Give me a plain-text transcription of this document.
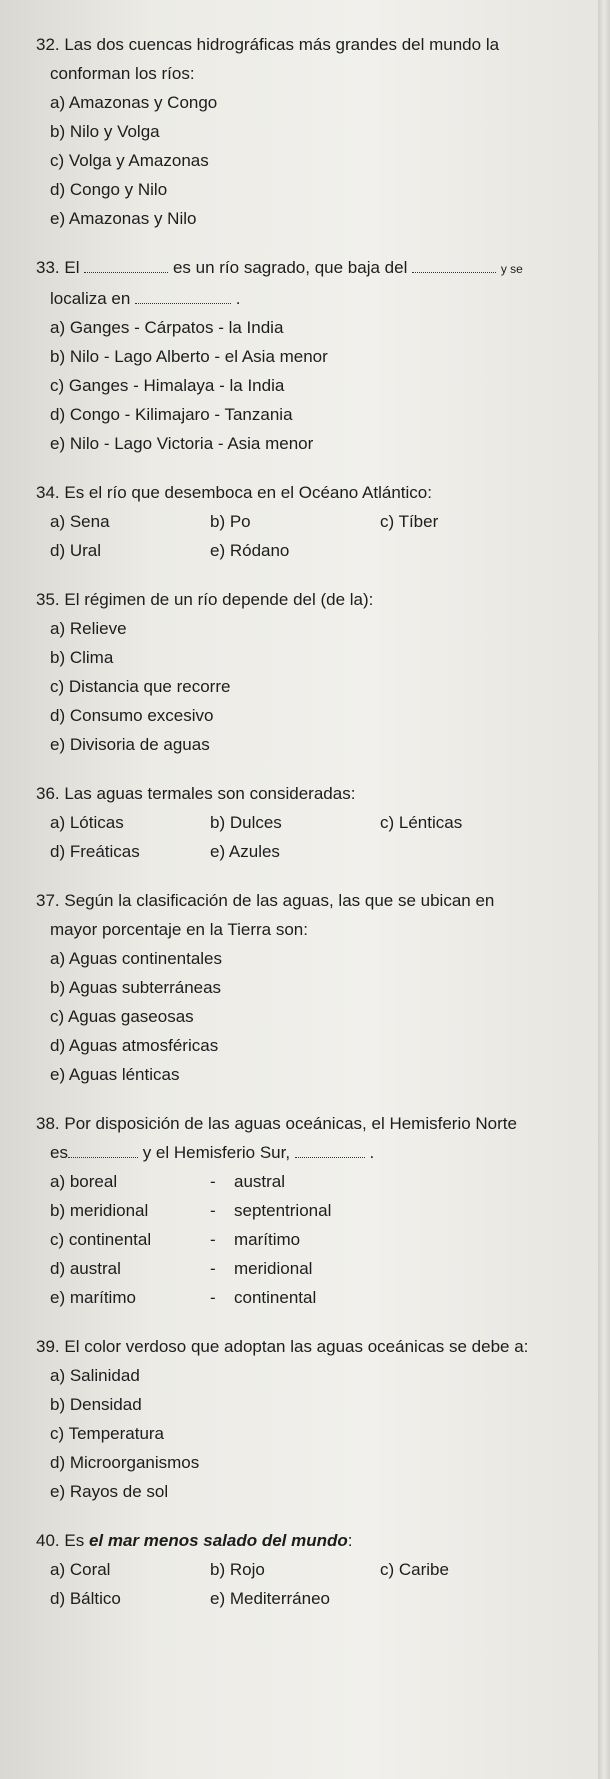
32. Las dos cuencas hidrográficas más grandes del mundo la
conforman los ríos:
a) Amazonas y Congo
b) Nilo y Volga
c) Volga y Amazonas
d) Congo y Nilo
e) Amazonas y Nilo
33. El	es un río sagrado, que baja del	y se
localiza en	.
a) Ganges - Cárpatos - la India
b) Nilo - Lago Alberto - el Asia menor
c) Ganges - Himalaya - la India
d) Congo - Kilimajaro - Tanzania
e) Nilo - Lago Victoria - Asia menor
34. Es el río que desemboca en el Océano Atlántico:
a) Sena	b) Po	c) Tíber
d) Ural	e) Ródano
35. El régimen de un río depende del (de la):
a) Relieve
b) Clima
c) Distancia que recorre
d) Consumo excesivo
e) Divisoria de aguas
36. Las aguas termales son consideradas:
a) Lóticas	b) Dulces	c) Lénticas
d) Freáticas	e) Azules
37. Según la clasificación de las aguas, las que se ubican en
mayor porcentaje en la Tierra son:
a) Aguas continentales
b) Aguas subterráneas
c) Aguas gaseosas
d) Aguas atmosféricas
e) Aguas lénticas
38. Por disposición de las aguas oceánicas, el Hemisferio Norte
es	y el Hemisferio Sur,	.
a) boreal	-	austral
b) meridional	-	septentrional
c) continental	-	marítimo
d) austral	-	meridional
e) marítimo	-	continental
39. El color verdoso que adoptan las aguas oceánicas se debe a:
a) Salinidad
b) Densidad
c) Temperatura
d) Microorganismos
e) Rayos de sol
40. Es el mar menos salado del mundo:
a) Coral	b) Rojo	c) Caribe
d) Báltico	e) Mediterráneo
